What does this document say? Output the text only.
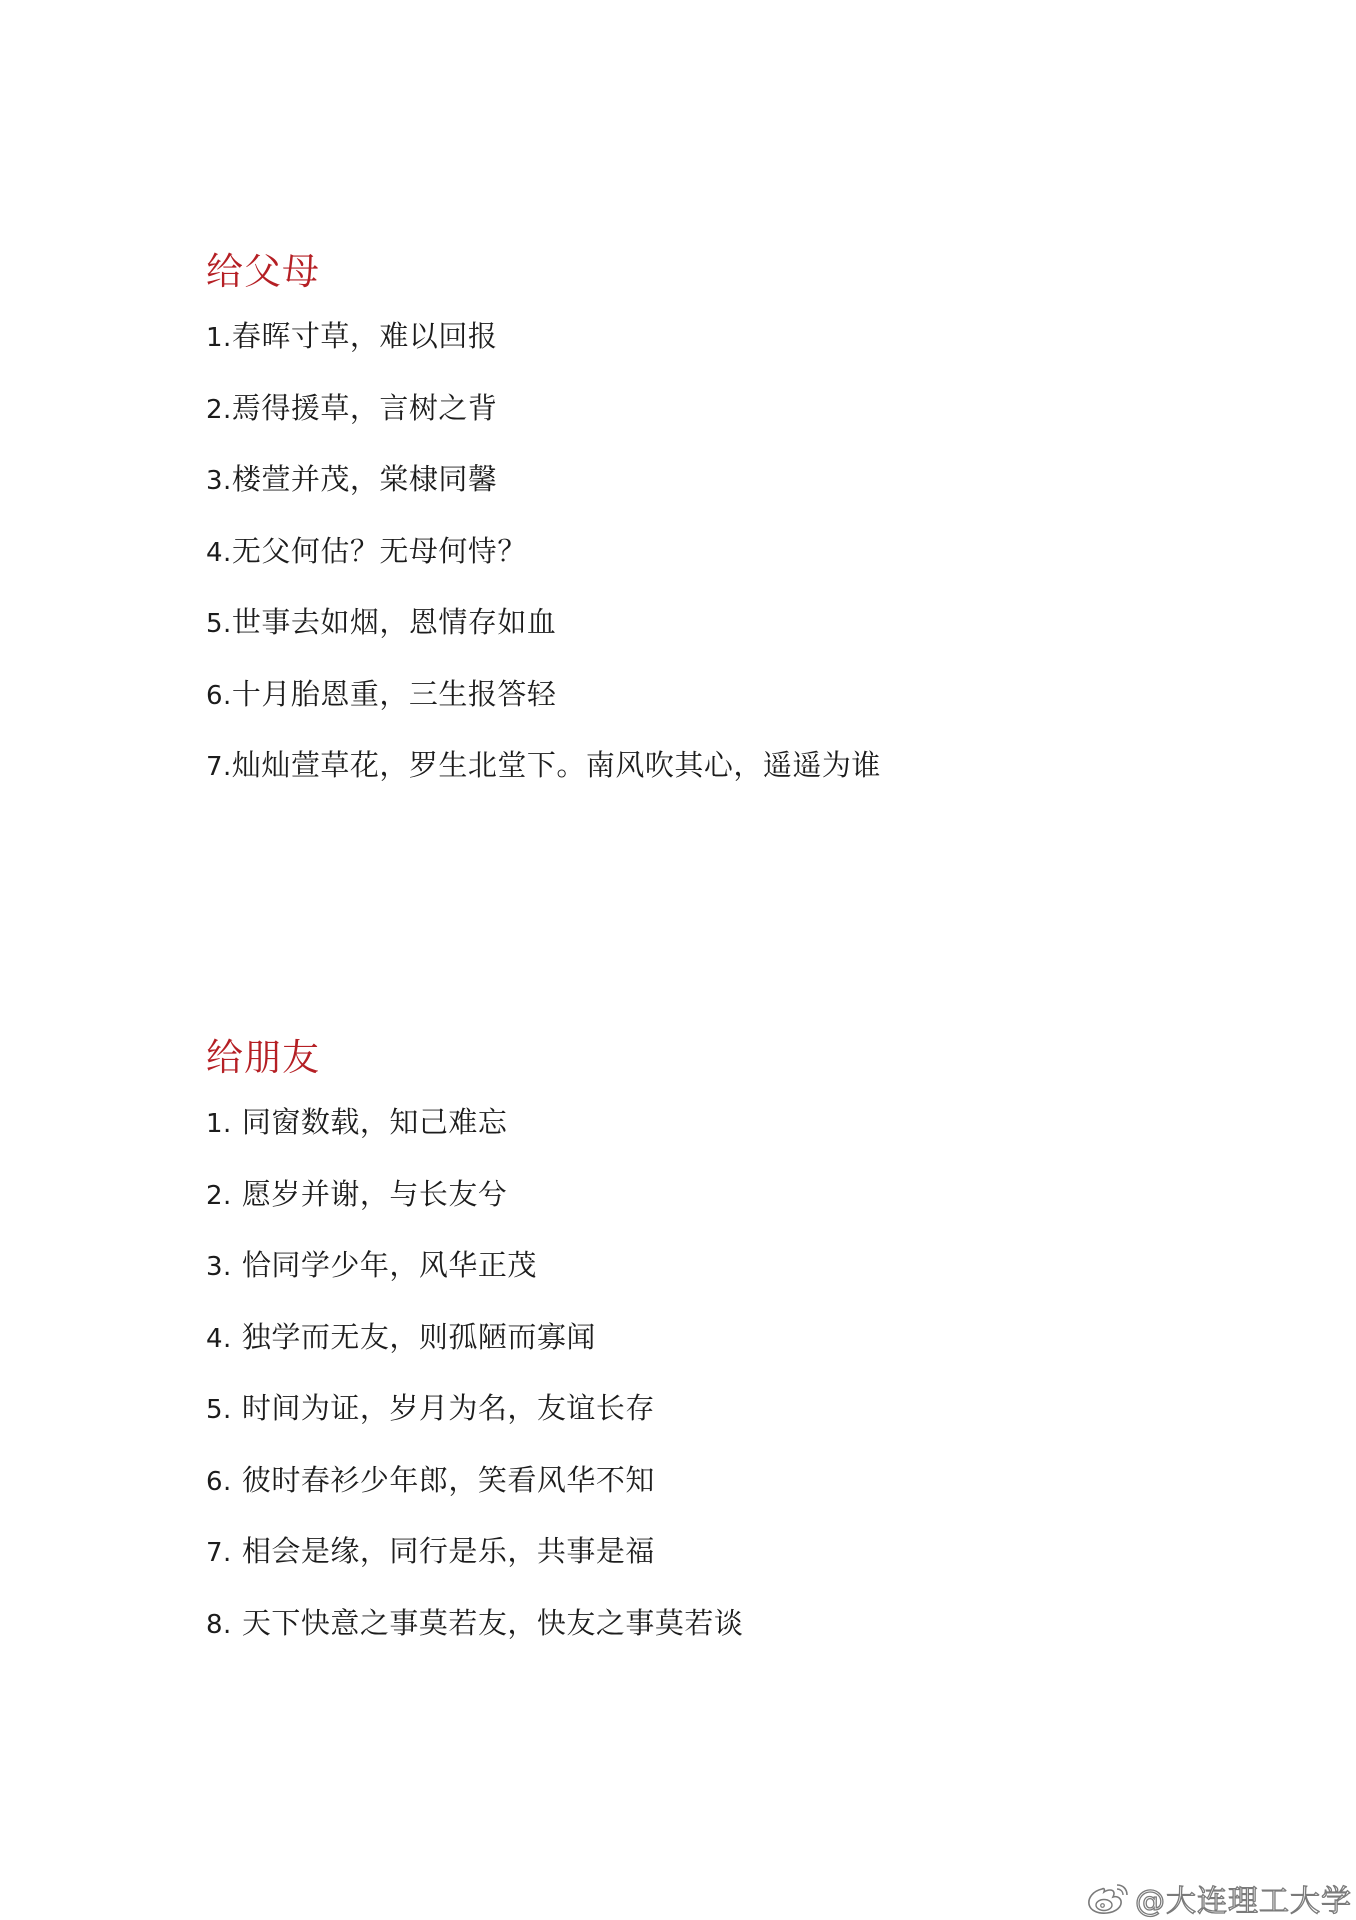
给父母
1.春晖寸草，难以回报
2.焉得援草，言树之背
3.楼萱并茂，棠棣同馨
4.无父何估？无母何恃？
5.世事去如烟，恩情存如血
6.十月胎恩重，三生报答轻
7.灿灿萱草花，罗生北堂下。南风吹其心，遥遥为谁
给朋友
1. 同窗数载，知己难忘
2. 愿岁并谢，与长友兮
3. 恰同学少年，风华正茂
4. 独学而无友，则孤陋而寡闻
5. 时间为证，岁月为名，友谊长存
6. 彼时春衫少年郎，笑看风华不知
7. 相会是缘，同行是乐，共事是福
8. 天下快意之事莫若友，快友之事莫若谈
@大连理工大学
